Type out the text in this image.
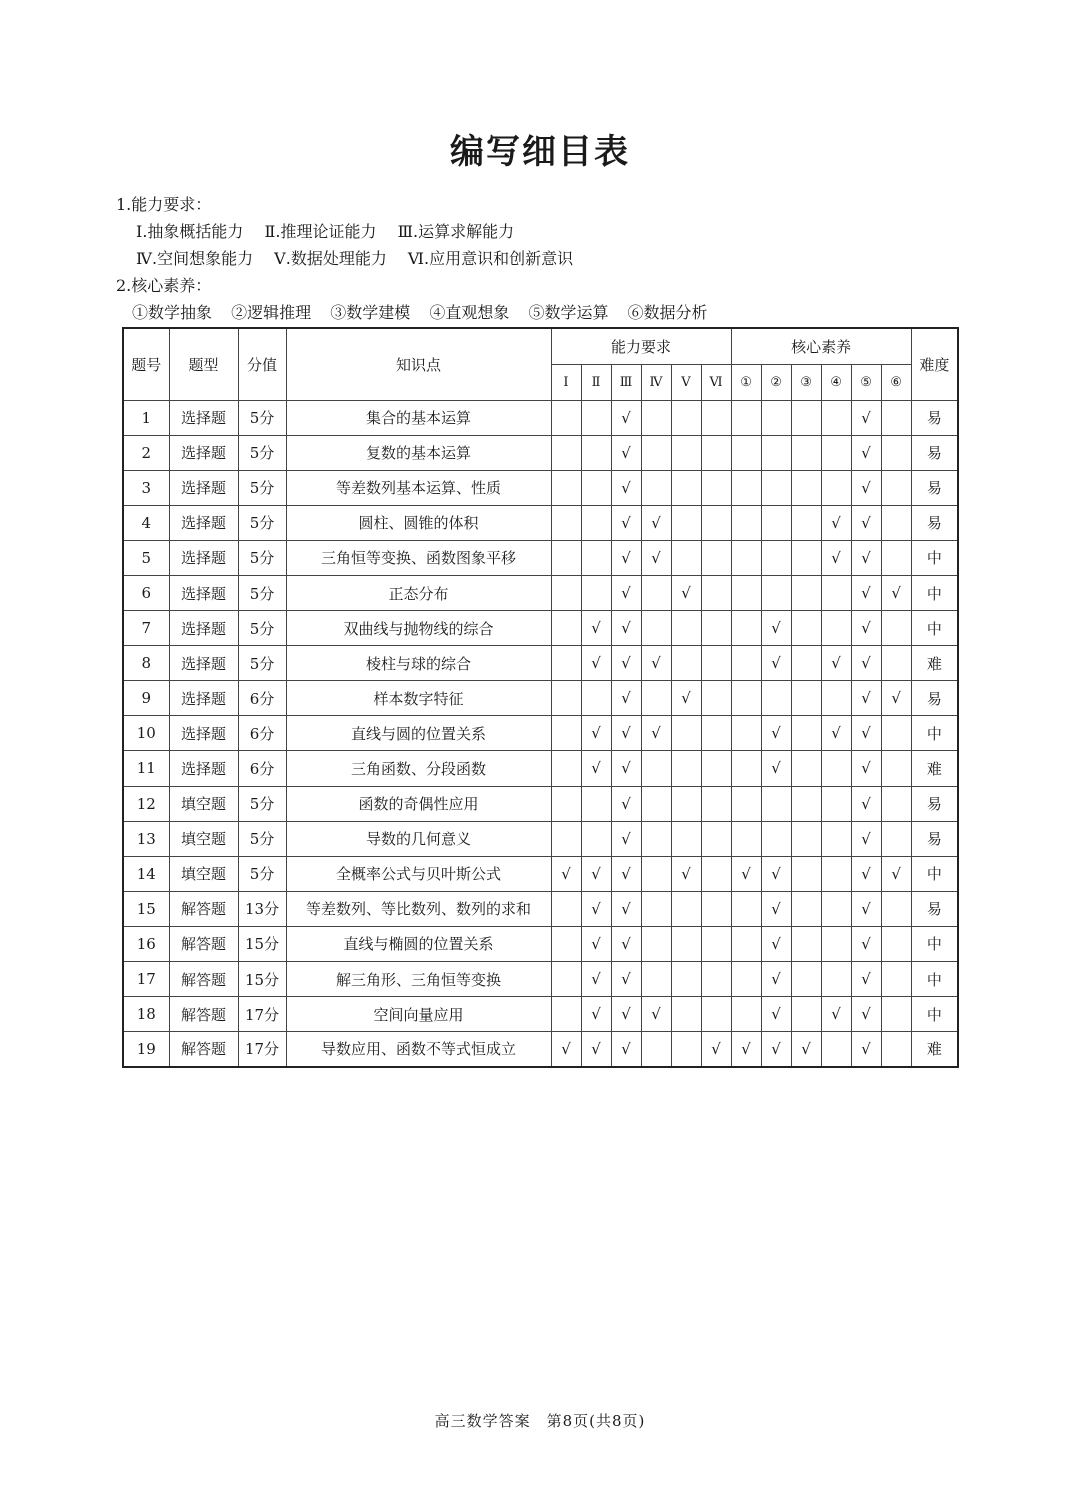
编写细目表
1.能力要求：
Ⅰ.抽象概括能力 Ⅱ.推理论证能力 Ⅲ.运算求解能力
Ⅳ.空间想象能力 Ⅴ.数据处理能力 Ⅵ.应用意识和创新意识
2.核心素养：
①数学抽象 ②逻辑推理 ③数学建模 ④直观想象 ⑤数学运算 ⑥数据分析
题号	题型	分值	知识点	能力要求						核心素养						难度
				Ⅰ	Ⅱ	Ⅲ	Ⅳ	Ⅴ	Ⅵ	①	②	③	④	⑤	⑥	
1	选择题	5分	集合的基本运算			√								√		易
2	选择题	5分	复数的基本运算			√								√		易
3	选择题	5分	等差数列基本运算、性质			√								√		易
4	选择题	5分	圆柱、圆锥的体积			√	√						√	√		易
5	选择题	5分	三角恒等变换、函数图象平移			√	√						√	√		中
6	选择题	5分	正态分布			√		√						√	√	中
7	选择题	5分	双曲线与抛物线的综合		√	√					√			√		中
8	选择题	5分	棱柱与球的综合		√	√	√				√		√	√		难
9	选择题	6分	样本数字特征			√		√						√	√	易
10	选择题	6分	直线与圆的位置关系		√	√	√				√		√	√		中
11	选择题	6分	三角函数、分段函数		√	√					√			√		难
12	填空题	5分	函数的奇偶性应用			√								√		易
13	填空题	5分	导数的几何意义			√								√		易
14	填空题	5分	全概率公式与贝叶斯公式	√	√	√		√		√	√			√	√	中
15	解答题	13分	等差数列、等比数列、数列的求和		√	√					√			√		易
16	解答题	15分	直线与椭圆的位置关系		√	√					√			√		中
17	解答题	15分	解三角形、三角恒等变换		√	√					√			√		中
18	解答题	17分	空间向量应用		√	√	√				√		√	√		中
19	解答题	17分	导数应用、函数不等式恒成立	√	√	√			√	√	√	√		√		难
高三数学答案　第8页(共8页)
